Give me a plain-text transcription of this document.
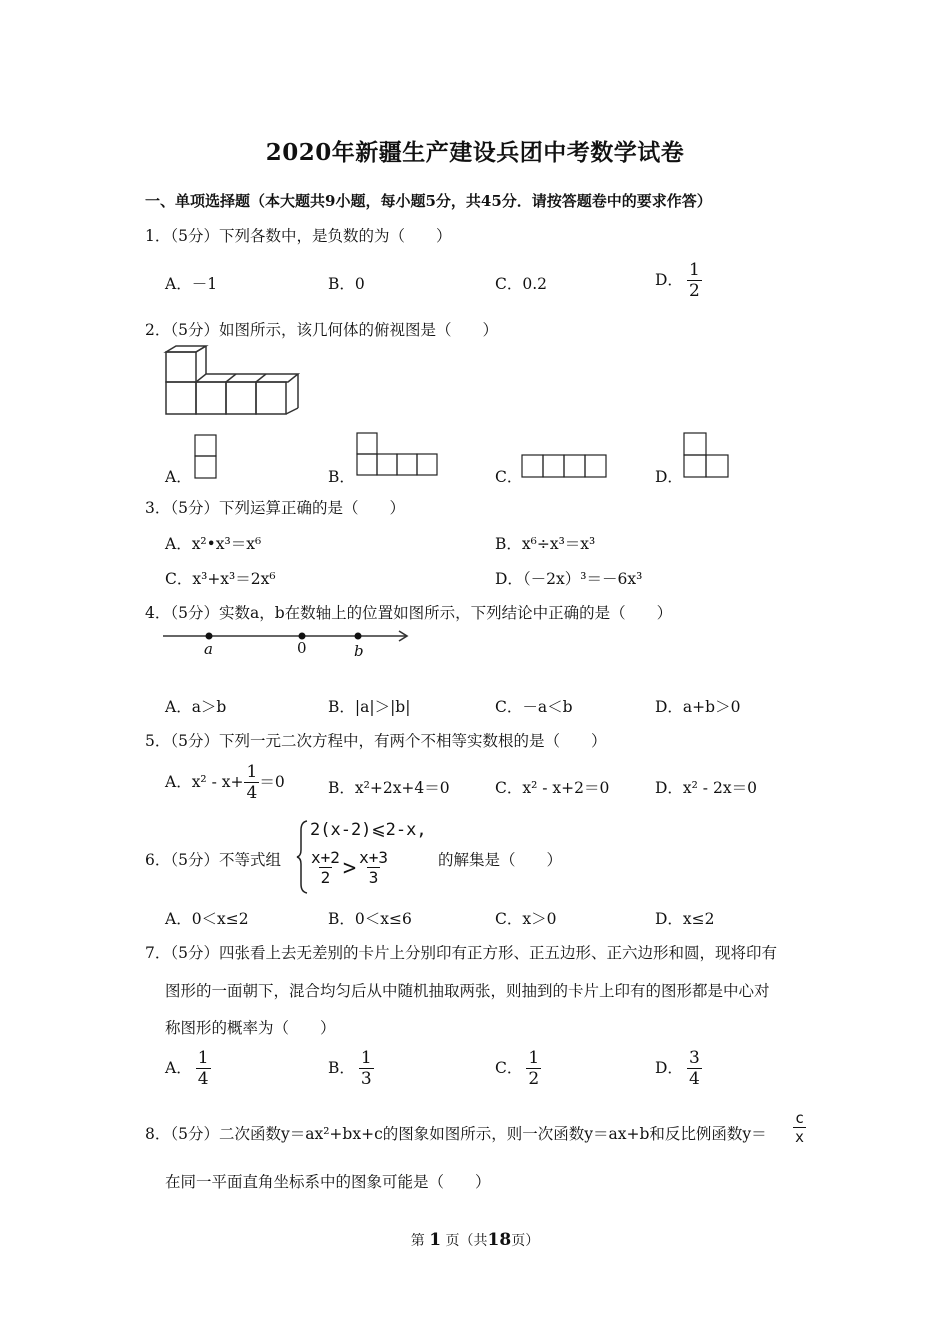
2020年新疆生产建设兵团中考数学试卷
一、单项选择题（本大题共9小题，每小题5分，共45分．请按答题卷中的要求作答）
1．（5分）下列各数中，是负数的为（　　）
A．－1	B．0	C．0.2	D． $\frac{1}{2}$
2．（5分）如图所示，该几何体的俯视图是（　　）
A．	B．	C．	D．
3．（5分）下列运算正确的是（　　）
A．x²•x³＝x⁶	B．x⁶÷x³＝x³
C．x³+x³＝2x⁶	D．（－2x）³＝－6x³
4．（5分）实数a，b在数轴上的位置如图所示，下列结论中正确的是（　　）
a	0	b
A．a＞b	B．|a|＞|b|	C．－a＜b	D．a+b＞0
5．（5分）下列一元二次方程中，有两个不相等实数根的是（　　）
A．$x^2 - x+ \frac{1}{4} =0$	B．x²+2x+4＝0	C．x² - x+2＝0	D．x² - 2x＝0
6．（5分）不等式组
2(x-2)⩽2-x,
$\frac{x+2}{2} > \frac{x+3}{3}$	的解集是（　　）
A．0＜x≤2	B．0＜x≤6	C．x＞0	D．x≤2
7．（5分）四张看上去无差别的卡片上分别印有正方形、正五边形、正六边形和圆，现将印有
图形的一面朝下，混合均匀后从中随机抽取两张，则抽到的卡片上印有的图形都是中心对
称图形的概率为（　　）
A． $\frac{1}{4}$	B． $\frac{1}{3}$	C． $\frac{1}{2}$	D． $\frac{3}{4}$
8．（5分）二次函数y＝ax²+bx+c的图象如图所示，则一次函数y＝ax+b和反比例函数$y= \frac{c}{x}$
在同一平面直角坐标系中的图象可能是（　　）
第 1 页（共18页）
